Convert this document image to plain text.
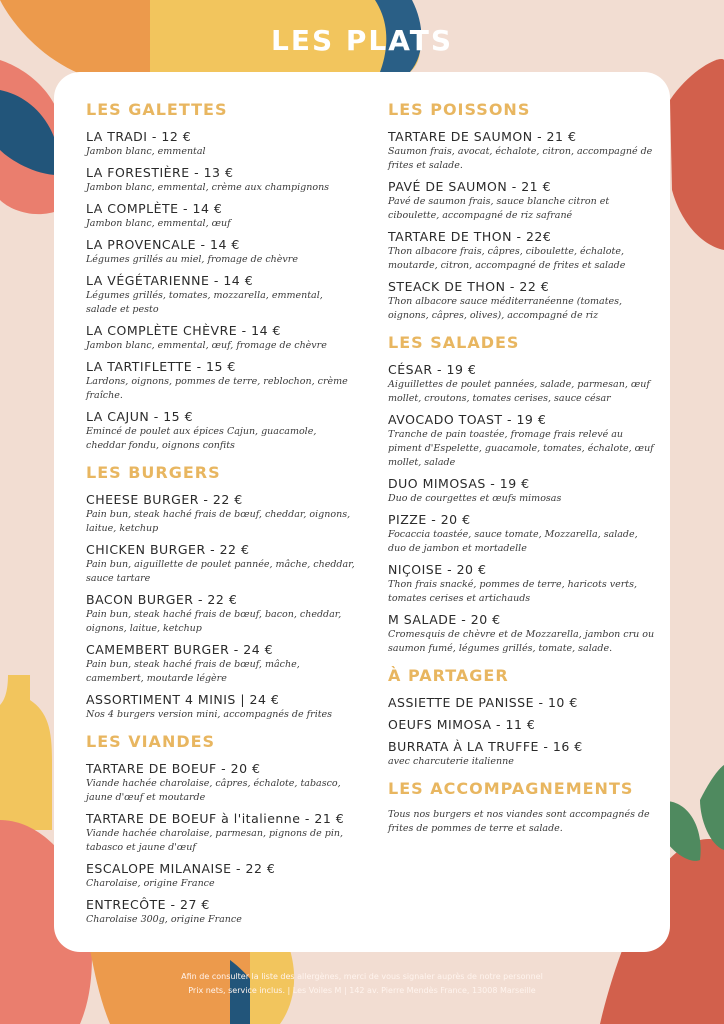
LES PLATS
LES GALETTES
LA TRADI - 12 €
Jambon blanc, emmental
LA FORESTIÈRE - 13 €
Jambon blanc, emmental, crème aux champignons
LA COMPLÈTE - 14 €
Jambon blanc, emmental, œuf
LA PROVENCALE - 14 €
Légumes grillés au miel, fromage de chèvre
LA VÉGÉTARIENNE - 14 €
Légumes grillés, tomates, mozzarella, emmental, salade et pesto
LA COMPLÈTE CHÈVRE - 14 €
Jambon blanc, emmental, œuf, fromage de chèvre
LA TARTIFLETTE - 15 €
Lardons, oignons, pommes de terre, reblochon, crème fraîche.
LA CAJUN - 15 €
Emincé de poulet aux épices Cajun, guacamole, cheddar fondu, oignons confits
LES BURGERS
CHEESE BURGER - 22 €
Pain bun, steak haché frais de bœuf, cheddar, oignons, laitue, ketchup
CHICKEN BURGER - 22 €
Pain bun, aiguillette de poulet pannée, mâche, cheddar, sauce tartare
BACON BURGER - 22 €
Pain bun, steak haché frais de bœuf, bacon, cheddar, oignons, laitue, ketchup
CAMEMBERT BURGER - 24 €
Pain bun, steak haché frais de bœuf, mâche, camembert, moutarde légère
ASSORTIMENT 4 MINIS | 24 €
Nos 4 burgers version mini, accompagnés de frites
LES VIANDES
TARTARE DE BOEUF - 20 €
Viande hachée charolaise, câpres, échalote, tabasco, jaune d'œuf et moutarde
TARTARE DE BOEUF à l'italienne - 21 €
Viande hachée charolaise, parmesan, pignons de pin, tabasco et jaune d'œuf
ESCALOPE MILANAISE - 22 €
Charolaise, origine France
ENTRECÔTE - 27 €
Charolaise 300g, origine France
LES POISSONS
TARTARE DE SAUMON - 21 €
Saumon frais, avocat, échalote, citron, accompagné de frites et salade.
PAVÉ DE SAUMON - 21 €
Pavé de saumon frais, sauce blanche citron et ciboulette, accompagné de riz safrané
TARTARE DE THON - 22€
Thon albacore frais, câpres, ciboulette, échalote, moutarde, citron, accompagné de frites et salade
STEACK DE THON - 22 €
Thon albacore sauce méditerranéenne (tomates, oignons, câpres, olives), accompagné de riz
LES SALADES
CÉSAR - 19 €
Aiguillettes de poulet pannées, salade, parmesan, œuf mollet, croutons, tomates cerises, sauce césar
AVOCADO TOAST - 19 €
Tranche de pain toastée, fromage frais relevé au piment d'Espelette, guacamole, tomates, échalote, œuf mollet, salade
DUO MIMOSAS - 19 €
Duo de courgettes et œufs mimosas
PIZZE - 20 €
Focaccia toastée, sauce tomate, Mozzarella, salade, duo de jambon et mortadelle
NIÇOISE - 20 €
Thon frais snacké, pommes de terre, haricots verts, tomates cerises et artichauds
M SALADE - 20 €
Cromesquis de chèvre et de Mozzarella, jambon cru ou saumon fumé, légumes grillés, tomate, salade.
À PARTAGER
ASSIETTE DE PANISSE - 10 €
OEUFS MIMOSA - 11 €
BURRATA À LA TRUFFE - 16 €
avec charcuterie italienne
LES ACCOMPAGNEMENTS
Tous nos burgers et nos viandes sont accompagnés de frites de pommes de terre et salade.
Afin de consulter la liste des allergènes, merci de vous signaler auprès de notre personnel
Prix nets, service inclus. | Les Voiles M | 142 av. Pierre Mendès France, 13008 Marseille
